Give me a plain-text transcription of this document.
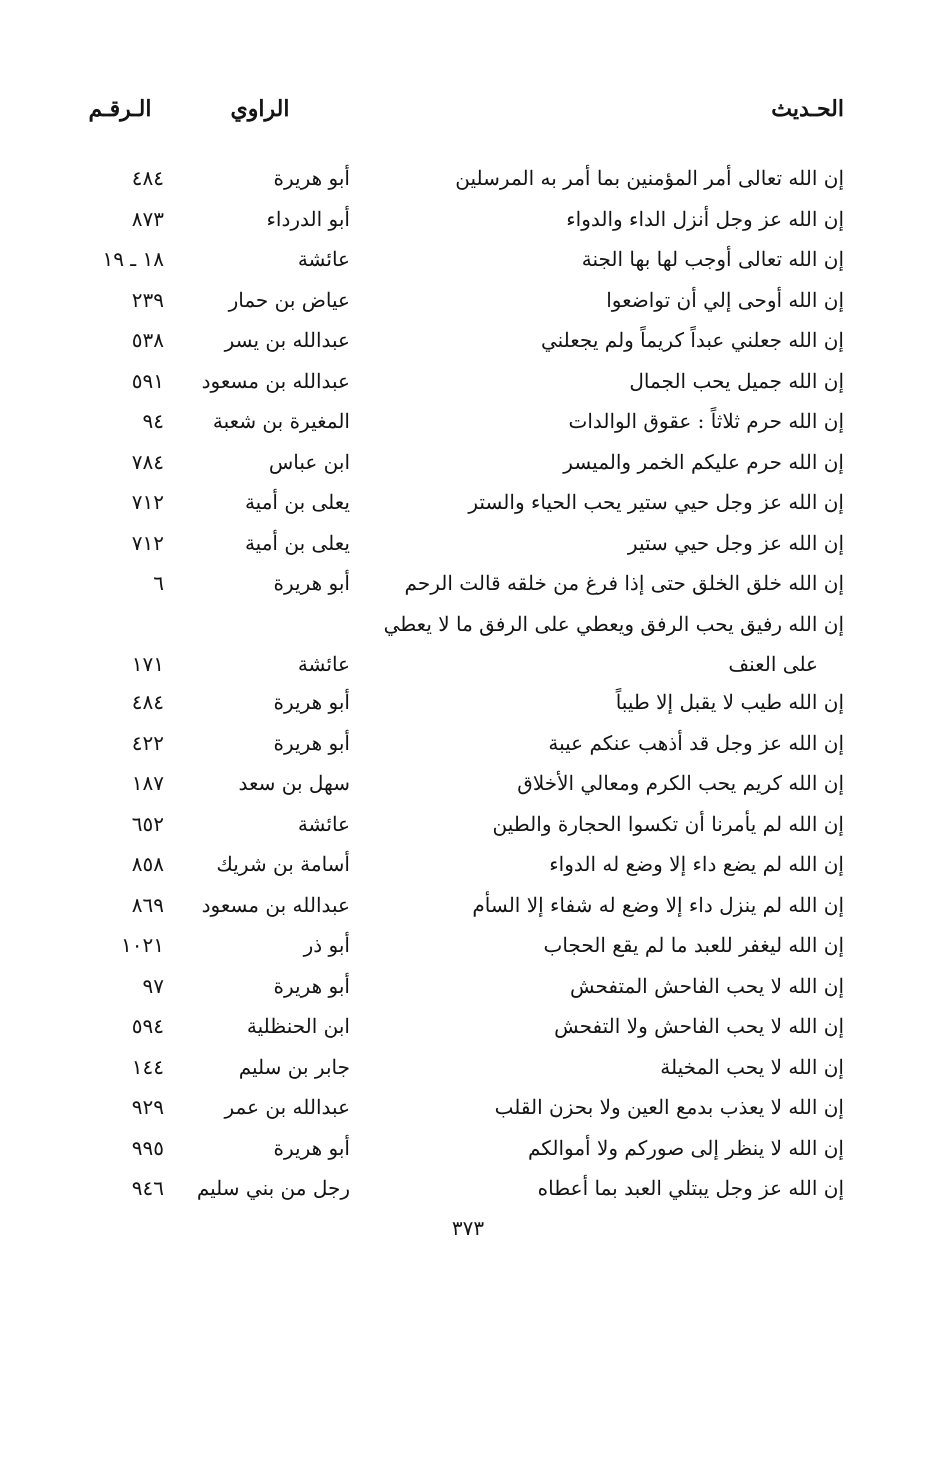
الحـديث
الراوي
الـرقـم
إن الله تعالى أمر المؤمنين بما أمر به المرسلين
أبو هريرة
٤٨٤
إن الله عز وجل أنزل الداء والدواء
أبو الدرداء
٨٧٣
إن الله تعالى أوجب لها بها الجنة
عائشة
١٨ ـ ١٩
إن الله أوحى إلي أن تواضعوا
عياض بن حمار
٢٣٩
إن الله جعلني عبداً كريماً ولم يجعلني
عبدالله بن يسر
٥٣٨
إن الله جميل يحب الجمال
عبدالله بن مسعود
٥٩١
إن الله حرم ثلاثاً : عقوق الوالدات
المغيرة بن شعبة
٩٤
إن الله حرم عليكم الخمر والميسر
ابن عباس
٧٨٤
إن الله عز وجل حيي ستير يحب الحياء والستر
يعلى بن أمية
٧١٢
إن الله عز وجل حيي ستير
يعلى بن أمية
٧١٢
إن الله خلق الخلق حتى إذا فرغ من خلقه قالت الرحم
أبو هريرة
٦
إن الله رفيق يحب الرفق ويعطي على الرفق ما لا يعطي
على العنف
عائشة
١٧١
إن الله طيب لا يقبل إلا طيباً
أبو هريرة
٤٨٤
إن الله عز وجل قد أذهب عنكم عيبة
أبو هريرة
٤٢٢
إن الله كريم يحب الكرم ومعالي الأخلاق
سهل بن سعد
١٨٧
إن الله لم يأمرنا أن تكسوا الحجارة والطين
عائشة
٦٥٢
إن الله لم يضع داء إلا وضع له الدواء
أسامة بن شريك
٨٥٨
إن الله لم ينزل داء إلا وضع له شفاء إلا السأم
عبدالله بن مسعود
٨٦٩
إن الله ليغفر للعبد ما لم يقع الحجاب
أبو ذر
١٠٢١
إن الله لا يحب الفاحش المتفحش
أبو هريرة
٩٧
إن الله لا يحب الفاحش ولا التفحش
ابن الحنظلية
٥٩٤
إن الله لا يحب المخيلة
جابر بن سليم
١٤٤
إن الله لا يعذب بدمع العين ولا بحزن القلب
عبدالله بن عمر
٩٢٩
إن الله لا ينظر إلى صوركم ولا أموالكم
أبو هريرة
٩٩٥
إن الله عز وجل يبتلي العبد بما أعطاه
رجل من بني سليم
٩٤٦
٣٧٣
